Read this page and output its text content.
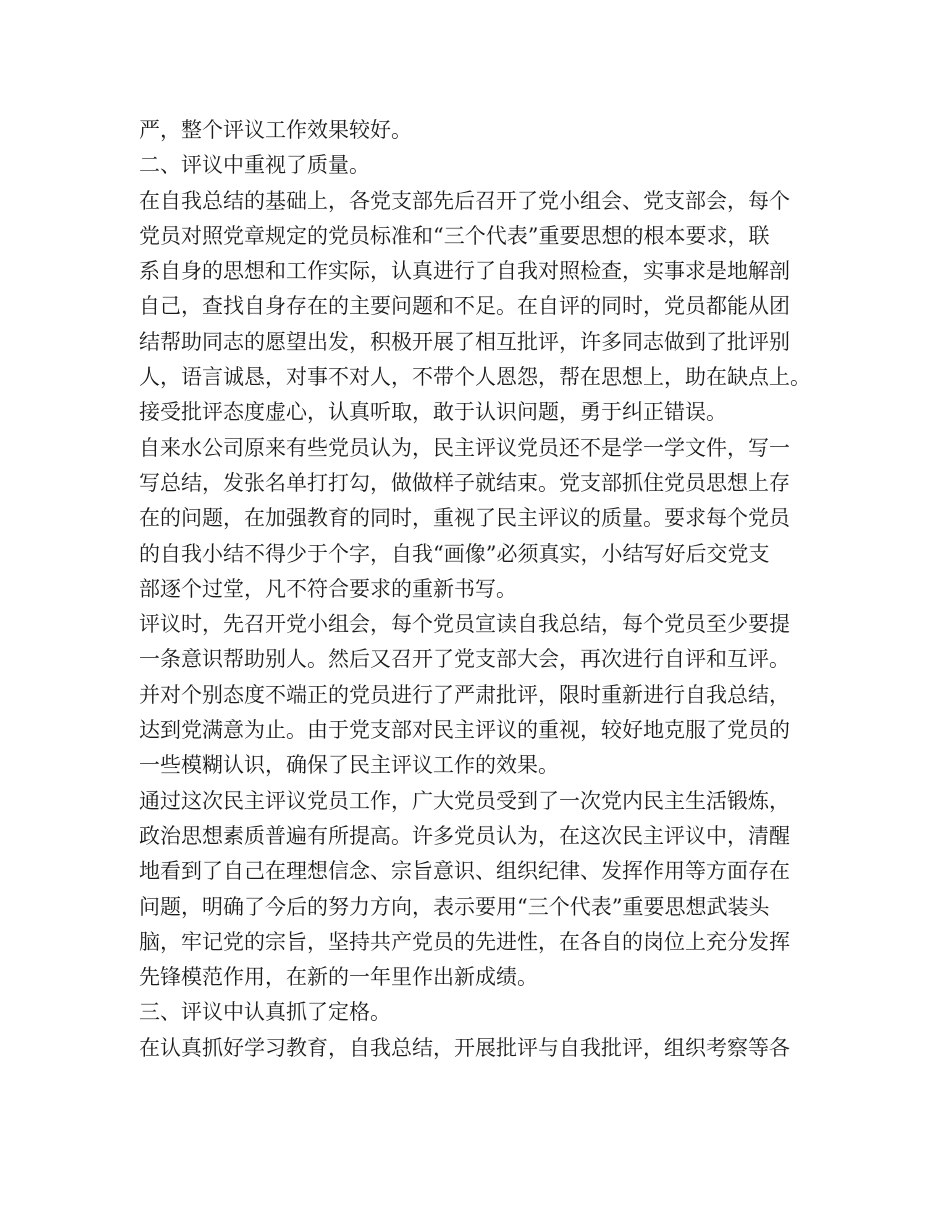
严，整个评议工作效果较好。
二、评议中重视了质量。
在自我总结的基础上，各党支部先后召开了党小组会、党支部会，每个
党员对照党章规定的党员标准和“三个代表”重要思想的根本要求，联
系自身的思想和工作实际，认真进行了自我对照检查，实事求是地解剖
自己，查找自身存在的主要问题和不足。在自评的同时，党员都能从团
结帮助同志的愿望出发，积极开展了相互批评，许多同志做到了批评别
人，语言诚恳，对事不对人，不带个人恩怨，帮在思想上，助在缺点上。
接受批评态度虚心，认真听取，敢于认识问题，勇于纠正错误。
自来水公司原来有些党员认为，民主评议党员还不是学一学文件，写一
写总结，发张名单打打勾，做做样子就结束。党支部抓住党员思想上存
在的问题，在加强教育的同时，重视了民主评议的质量。要求每个党员
的自我小结不得少于个字，自我“画像”必须真实，小结写好后交党支
部逐个过堂，凡不符合要求的重新书写。
评议时，先召开党小组会，每个党员宣读自我总结，每个党员至少要提
一条意识帮助别人。然后又召开了党支部大会，再次进行自评和互评。
并对个别态度不端正的党员进行了严肃批评，限时重新进行自我总结，
达到党满意为止。由于党支部对民主评议的重视，较好地克服了党员的
一些模糊认识，确保了民主评议工作的效果。
通过这次民主评议党员工作，广大党员受到了一次党内民主生活锻炼，
政治思想素质普遍有所提高。许多党员认为，在这次民主评议中，清醒
地看到了自己在理想信念、宗旨意识、组织纪律、发挥作用等方面存在
问题，明确了今后的努力方向，表示要用“三个代表”重要思想武装头
脑，牢记党的宗旨，坚持共产党员的先进性，在各自的岗位上充分发挥
先锋模范作用，在新的一年里作出新成绩。
三、评议中认真抓了定格。
在认真抓好学习教育，自我总结，开展批评与自我批评，组织考察等各
